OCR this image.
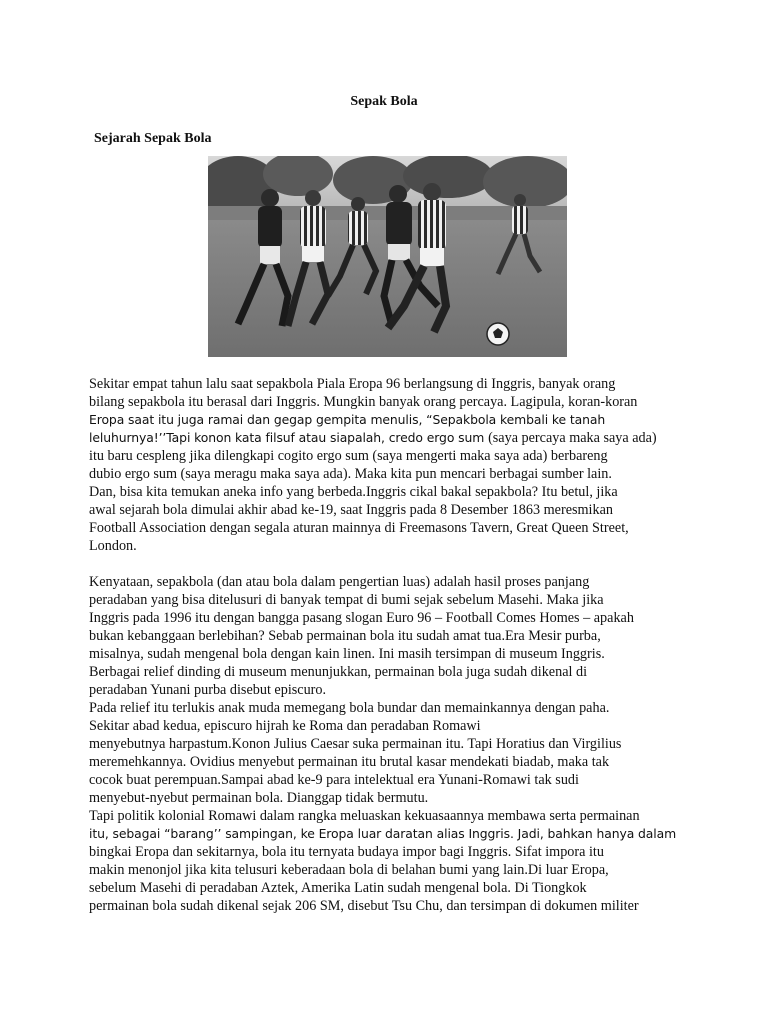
Sepak Bola
Sejarah Sepak Bola

Sekitar empat tahun lalu saat sepakbola Piala Eropa 96 berlangsung di Inggris, banyak orang

bilang sepakbola itu berasal dari Inggris. Mungkin banyak orang percaya. Lagipula, koran-koran

Eropa saat itu juga ramai dan gegap gempita menulis, “Sepakbola kembali ke tanah

leluhurnya!’’Tapi konon kata filsuf atau siapalah, credo ergo sum (saya percaya maka saya ada)

itu baru cespleng jika dilengkapi cogito ergo sum (saya mengerti maka saya ada) berbareng

dubio ergo sum (saya meragu maka saya ada). Maka kita pun mencari berbagai sumber lain.

Dan, bisa kita temukan aneka info yang berbeda.Inggris cikal bakal sepakbola? Itu betul, jika

awal sejarah bola dimulai akhir abad ke-19, saat Inggris pada 8 Desember 1863 meresmikan

Football Association dengan segala aturan mainnya di Freemasons Tavern, Great Queen Street,

London.

Kenyataan, sepakbola (dan atau bola dalam pengertian luas) adalah hasil proses panjang

peradaban yang bisa ditelusuri di banyak tempat di bumi sejak sebelum Masehi. Maka jika

Inggris pada 1996 itu dengan bangga pasang slogan Euro 96 – Football Comes Homes – apakah

bukan kebanggaan berlebihan? Sebab permainan bola itu sudah amat tua.Era Mesir purba,

misalnya, sudah mengenal bola dengan kain linen. Ini masih tersimpan di museum Inggris.

Berbagai relief dinding di museum menunjukkan, permainan bola juga sudah dikenal di

peradaban Yunani purba disebut episcuro.

Pada relief itu terlukis anak muda memegang bola bundar dan memainkannya dengan paha.

Sekitar abad kedua, episcuro hijrah ke Roma dan peradaban Romawi

menyebutnya harpastum.Konon Julius Caesar suka permainan itu. Tapi Horatius dan Virgilius

meremehkannya. Ovidius menyebut permainan itu brutal kasar mendekati biadab, maka tak

cocok buat perempuan.Sampai abad ke-9 para intelektual era Yunani-Romawi tak sudi

menyebut-nyebut permainan bola. Dianggap tidak bermutu.

Tapi politik kolonial Romawi dalam rangka meluaskan kekuasaannya membawa serta permainan

itu, sebagai “barang’’ sampingan, ke Eropa luar daratan alias Inggris. Jadi, bahkan hanya dalam

bingkai Eropa dan sekitarnya, bola itu ternyata budaya impor bagi Inggris. Sifat impora itu

makin menonjol jika kita telusuri keberadaan bola di belahan bumi yang lain.Di luar Eropa,

sebelum Masehi di peradaban Aztek, Amerika Latin sudah mengenal bola. Di Tiongkok

permainan bola sudah dikenal sejak 206 SM, disebut Tsu Chu, dan tersimpan di dokumen militer
